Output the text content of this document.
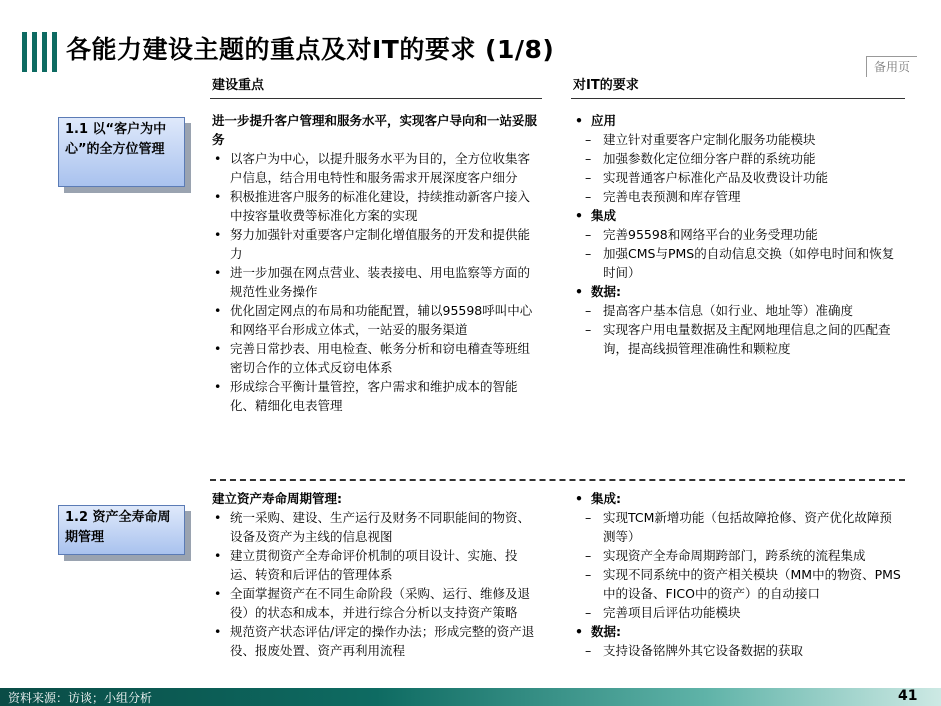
各能力建设主题的重点及对IT的要求 (1/8)
备用页
建设重点	对IT的要求
1.1 以“客户为中心”的全方位管理
进一步提升客户管理和服务水平，实现客户导向和一站妥服务
• 以客户为中心，以提升服务水平为目的，全方位收集客户信息，结合用电特性和服务需求开展深度客户细分
• 积极推进客户服务的标准化建设，持续推动新客户接入中按容量收费等标准化方案的实现
• 努力加强针对重要客户定制化增值服务的开发和提供能力
• 进一步加强在网点营业、装表接电、用电监察等方面的规范性业务操作
• 优化固定网点的布局和功能配置，辅以95598呼叫中心和网络平台形成立体式，一站妥的服务渠道
• 完善日常抄表、用电检查、帐务分析和窃电稽查等班组密切合作的立体式反窃电体系
• 形成综合平衡计量管控，客户需求和维护成本的智能化、精细化电表管理
• 应用
– 建立针对重要客户定制化服务功能模块
– 加强参数化定位细分客户群的系统功能
– 实现普通客户标准化产品及收费设计功能
– 完善电表预测和库存管理
• 集成
– 完善95598和网络平台的业务受理功能
– 加强CMS与PMS的自动信息交换（如停电时间和恢复时间）
• 数据:
– 提高客户基本信息（如行业、地址等）准确度
– 实现客户用电量数据及主配网地理信息之间的匹配查询，提高线损管理准确性和颗粒度
1.2 资产全寿命周期管理
建立资产寿命周期管理:
• 统一采购、建设、生产运行及财务不同职能间的物资、设备及资产为主线的信息视图
• 建立贯彻资产全寿命评价机制的项目设计、实施、投运、转资和后评估的管理体系
• 全面掌握资产在不同生命阶段（采购、运行、维修及退役）的状态和成本，并进行综合分析以支持资产策略
• 规范资产状态评估/评定的操作办法；形成完整的资产退役、报废处置、资产再利用流程
• 集成:
– 实现TCM新增功能（包括故障抢修、资产优化故障预测等）
– 实现资产全寿命周期跨部门，跨系统的流程集成
– 实现不同系统中的资产相关模块（MM中的物资、PMS中的设备、FICO中的资产）的自动接口
– 完善项目后评估功能模块
• 数据:
– 支持设备铭牌外其它设备数据的获取
资料来源：访谈；小组分析	41
